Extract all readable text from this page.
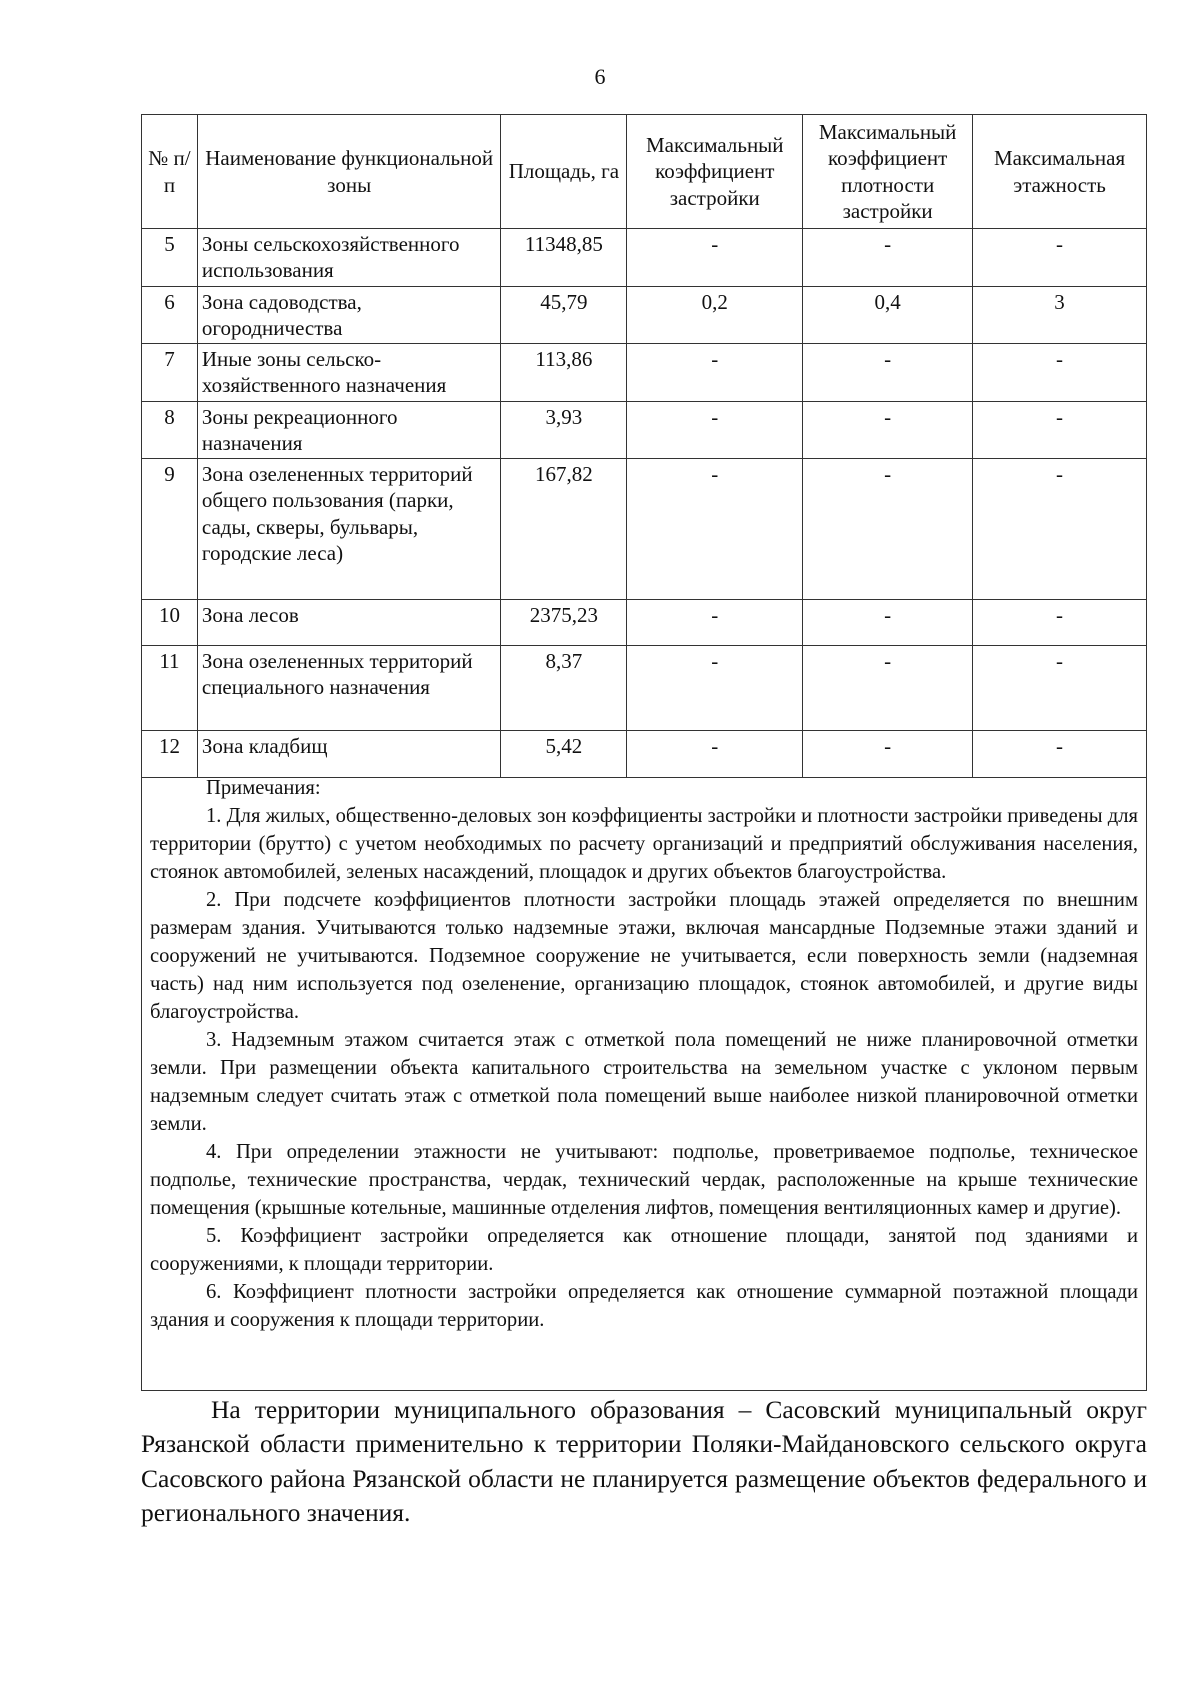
6
№ п/п	Наименование функциональной зоны	Площадь, га	Максимальный коэффициент застройки	Максимальный коэффициент плотности застройки	Максимальная этажность
5	Зоны сельскохозяйственного использования	11348,85	-	-	-
6	Зона садоводства, огородничества	45,79	0,2	0,4	3
7	Иные зоны сельско-хозяйственного назначения	113,86	-	-	-
8	Зоны рекреационного назначения	3,93	-	-	-
9	Зона озелененных территорий общего пользования (парки, сады, скверы, бульвары, городские леса)	167,82	-	-	-
10	Зона лесов	2375,23	-	-	-
11	Зона озелененных территорий специального назначения	8,37	-	-	-
12	Зона кладбищ	5,42	-	-	-
Примечания:

1. Для жилых, общественно-деловых зон коэффициенты застройки и плотности застройки приведены для территории (брутто) с учетом необходимых по расчету организаций и предприятий обслуживания населения, стоянок автомобилей, зеленых насаждений, площадок и других объектов благоустройства.

2. При подсчете коэффициентов плотности застройки площадь этажей определяется по внешним размерам здания. Учитываются только надземные этажи, включая мансардные Подземные этажи зданий и сооружений не учитываются. Подземное сооружение не учитывается, если поверхность земли (надземная часть) над ним используется под озеленение, организацию площадок, стоянок автомобилей, и другие виды благоустройства.

3. Надземным этажом считается этаж с отметкой пола помещений не ниже планировочной отметки земли. При размещении объекта капитального строительства на земельном участке с уклоном первым надземным следует считать этаж с отметкой пола помещений выше наиболее низкой планировочной отметки земли.

4. При определении этажности не учитывают: подполье, проветриваемое подполье, техническое подполье, технические пространства, чердак, технический чердак, расположенные на крыше технические помещения (крышные котельные, машинные отделения лифтов, помещения вентиляционных камер и другие).

5. Коэффициент застройки определяется как отношение площади, занятой под зданиями и сооружениями, к площади территории.

6. Коэффициент плотности застройки определяется как отношение суммарной поэтажной площади здания и сооружения к площади территории.

На территории муниципального образования – Сасовский муниципальный округ Рязанской области применительно к территории Поляки-Майдановского сельского округа Сасовского района Рязанской области не планируется размещение объектов федерального и регионального значения.
